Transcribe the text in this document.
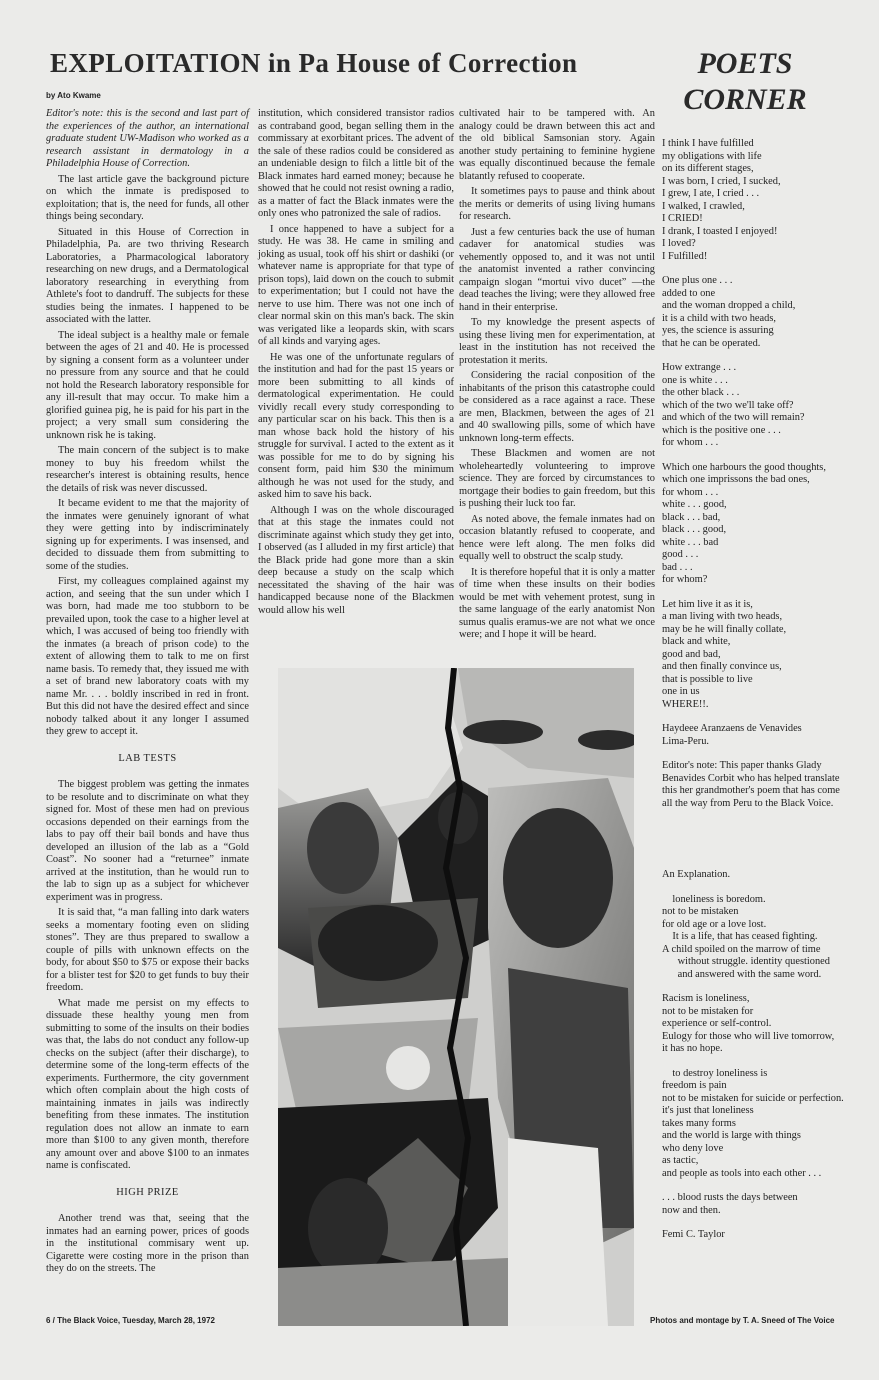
EXPLOITATION in Pa House of Correction
by Ato Kwame
POETS
CORNER

Editor's note: this is the second and last part of the experiences of the author, an international graduate student UW-Madison who worked as a research assistant in dermatology in a Philadelphia House of Correction.

The last article gave the background picture on which the inmate is predisposed to exploitation; that is, the need for funds, all other things being secondary.

Situated in this House of Correction in Philadelphia, Pa. are two thriving Research Laboratories, a Pharmacological laboratory researching on new drugs, and a Dermatological laboratory researching in everything from Athlete's foot to dandruff. The subjects for these studies being the inmates. I happened to be associated with the latter.

The ideal subject is a healthy male or female between the ages of 21 and 40. He is processed by signing a consent form as a volunteer under no pressure from any source and that he could not hold the Research laboratory responsible for any ill-result that may occur. To make him a glorified guinea pig, he is paid for his part in the project; a very small sum considering the unknown risk he is taking.

The main concern of the subject is to make money to buy his freedom whilst the researcher's interest is obtaining results, hence the details of risk was never discussed.

It became evident to me that the majority of the inmates were genuinely ignorant of what they were getting into by indiscriminately signing up for experiments. I was insensed, and decided to dissuade them from submitting to some of the studies.

First, my colleagues complained against my action, and seeing that the sun under which I was born, had made me too stubborn to be prevailed upon, took the case to a higher level at which, I was accused of being too friendly with the inmates (a breach of prison code) to the extent of allowing them to talk to me on first name basis. To remedy that, they issued me with a set of brand new laboratory coats with my name Mr. . . . boldly inscribed in red in front. But this did not have the desired effect and since nobody talked about it any longer I assumed they grew to accept it.

LAB TESTS

The biggest problem was getting the inmates to be resolute and to discriminate on what they signed for. Most of these men had on previous occasions depended on their earnings from the labs to pay off their bail bonds and have thus developed an illusion of the lab as a “Gold Coast”. No sooner had a “returnee” inmate arrived at the institution, than he would run to the lab to sign up as a subject for whichever experiment was in progress.

It is said that, “a man falling into dark waters seeks a momentary footing even on sliding stones”. They are thus prepared to swallow a couple of pills with unknown effects on the body, for about $50 to $75 or expose their backs for a blister test for $20 to get funds to buy their freedom.

What made me persist on my effects to dissuade these healthy young men from submitting to some of the insults on their bodies was that, the labs do not conduct any follow-up checks on the subject (after their discharge), to determine some of the long-term effects of the experiments. Furthermore, the city government which often complain about the high costs of maintaining inmates in jails was indirectly benefiting from these inmates. The institution regulation does not allow an inmate to earn more than $100 to any given month, therefore any amount over and above $100 to an inmates name is confiscated.

HIGH PRIZE

Another trend was that, seeing that the inmates had an earning power, prices of goods in the institutional commisary went up. Cigarette were costing more in the prison than they do on the streets. The

institution, which considered transistor radios as contraband good, began selling them in the commissary at exorbitant prices. The advent of the sale of these radios could be considered as an undeniable design to filch a little bit of the Black inmates hard earned money; because he showed that he could not resist owning a radio, as a matter of fact the Black inmates were the only ones who patronized the sale of radios.

I once happened to have a subject for a study. He was 38. He came in smiling and joking as usual, took off his shirt or dashiki (or whatever name is appropriate for that type of prison tops), laid down on the couch to submit to experimentation; but I could not have the nerve to use him. There was not one inch of clear normal skin on this man's back. The skin was verigated like a leopards skin, with scars of all kinds and varying ages.

He was one of the unfortunate regulars of the institution and had for the past 15 years or more been submitting to all kinds of dermatological experimentation. He could vividly recall every study corresponding to any particular scar on his back. This then is a man whose back hold the history of his struggle for survival. I acted to the extent as it was possible for me to do by signing his consent form, paid him $30 the minimum although he was not used for the study, and asked him to save his back.

Although I was on the whole discouraged that at this stage the inmates could not discriminate against which study they get into, I observed (as I alluded in my first article) that the Black pride had gone more than a skin deep because a study on the scalp which necessitated the shaving of the hair was handicapped because none of the Blackmen would allow his well

cultivated hair to be tampered with. An analogy could be drawn between this act and the old biblical Samsonian story. Again another study pertaining to feminine hygiene was equally discontinued because the female blatantly refused to cooperate.

It sometimes pays to pause and think about the merits or demerits of using living humans for research.

Just a few centuries back the use of human cadaver for anatomical studies was vehemently opposed to, and it was not until the anatomist invented a rather convincing campaign slogan “mortui vivo ducet” —the dead teaches the living; were they allowed free hand in their enterprise.

To my knowledge the present aspects of using these living men for experimentation, at least in the institution has not received the protestation it merits.

Considering the racial conposition of the inhabitants of the prison this catastrophe could be considered as a race against a race. These are men, Blackmen, between the ages of 21 and 40 swallowing pills, some of which have unknown long-term effects.

These Blackmen and women are not wholeheartedly volunteering to improve science. They are forced by circumstances to mortgage their bodies to gain freedom, but this is pushing their luck too far.

As noted above, the female inmates had on occasion blatantly refused to cooperate, and hence were left along. The men folks did equally well to obstruct the scalp study.

It is therefore hopeful that it is only a matter of time when these insults on their bodies would be met with vehement protest, sung in the same language of the early anatomist Non sumus qualis eramus-we are not what we once were; and I hope it will be heard.

I think I have fulfilled
my obligations with life
on its different stages,
I was born, I cried, I sucked,
I grew, I ate, I cried . . .
I walked, I crawled,
I CRIED!
I drank, I toasted I enjoyed!
I loved?
I Fulfilled!
One plus one . . .
added to one
and the woman dropped a child,
it is a child with two heads,
yes, the science is assuring
that he can be operated.
How extrange . . .
one is white . . .
the other black . . .
which of the two we'll take off?
and which of the two will remain?
which is the positive one . . .
for whom . . .
Which one harbours the good thoughts,
which one imprissons the bad ones,
for whom . . .
white . . . good,
black . . . bad,
black . . . good,
white . . . bad
good . . .
bad . . .
for whom?
Let him live it as it is,
a man living with two heads,
may be he will finally collate,
black and white,
good and bad,
and then finally convince us,
that is possible to live
one in us
WHERE!!.
Haydeee Aranzaens de Venavides
Lima-Peru.
Editor's note: This paper thanks Glady
Benavides Corbit who has helped translate
this her grandmother's poem that has come
all the way from Peru to the Black Voice.
An Explanation.
loneliness is boredom.
not to be mistaken
for old age or a love lost.
It is a life, that has ceased fighting.
A child spoiled on the marrow of time
without struggle. identity questioned
and answered with the same word.
Racism is loneliness,
not to be mistaken for
experience or self-control.
Eulogy for those who will live tomorrow,
it has no hope.
to destroy loneliness is
freedom is pain
not to be mistaken for suicide or perfection.
it's just that loneliness
takes many forms
and the world is large with things
who deny love
as tactic,
and people as tools into each other . . .
. . . blood rusts the days between
now and then.
Femi C. Taylor
6 / The Black Voice, Tuesday, March 28, 1972	Photos and montage by T. A. Sneed of The Voice
